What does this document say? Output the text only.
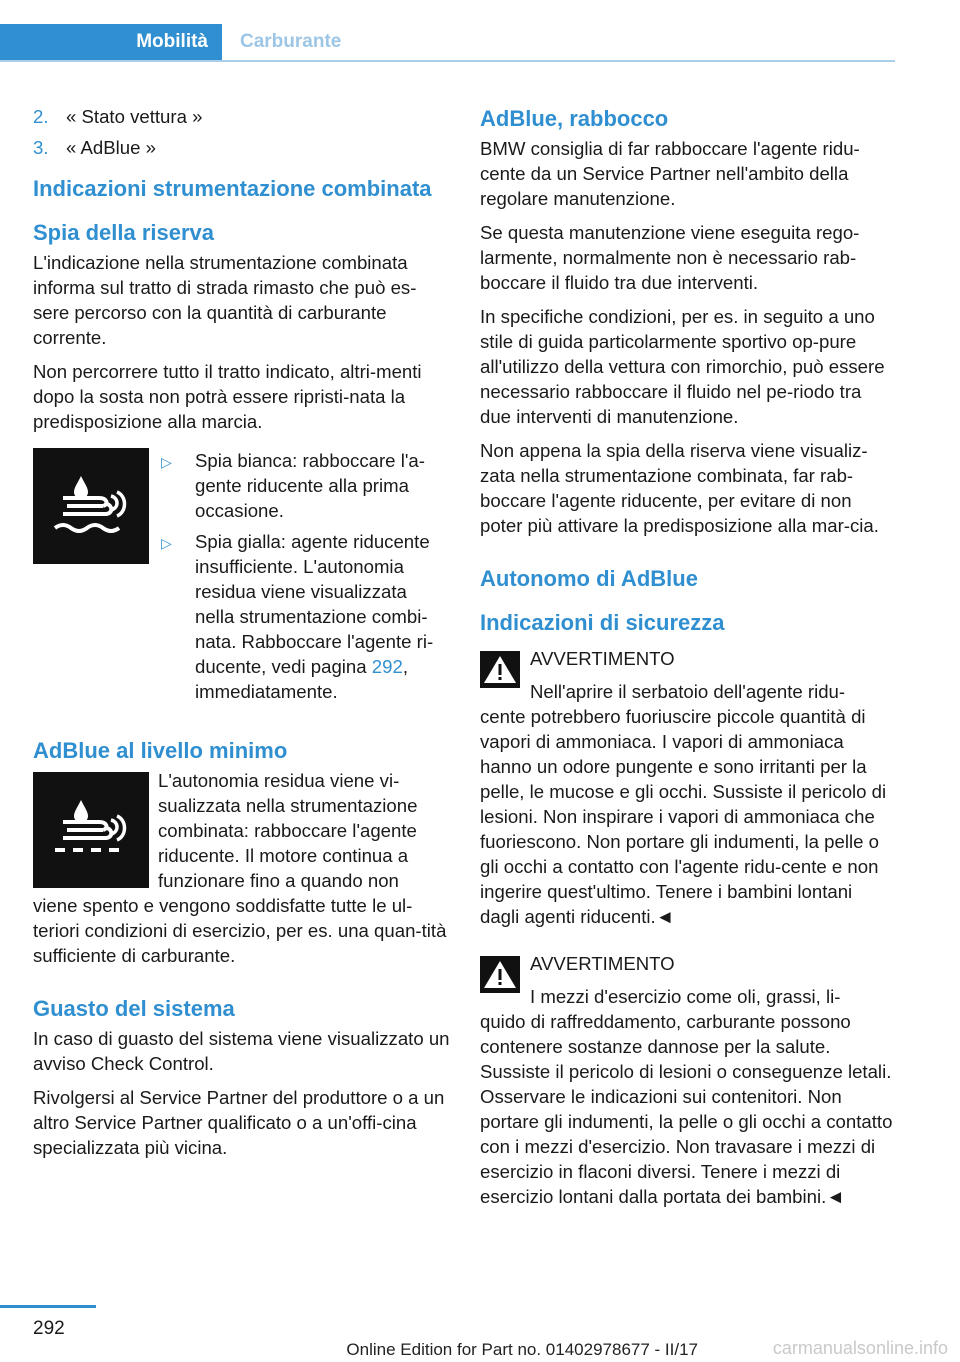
Mobilità Carburante
2. « Stato vettura »
3. « AdBlue »
Indicazioni strumentazione combinata
Spia della riserva

L'indicazione nella strumentazione combinata informa sul tratto di strada rimasto che può es-sere percorso con la quantità di carburante corrente.

Non percorrere tutto il tratto indicato, altri-menti dopo la sosta non potrà essere ripristi-nata la predisposizione alla marcia.

▷	Spia bianca: rabboccare l'a-gente riducente alla prima occasione.
▷	Spia gialla: agente riducente insufficiente. L'autonomia residua viene visualizzata nella strumentazione combi-nata. Rabboccare l'agente ri-ducente, vedi pagina 292, immediatamente.
AdBlue al livello minimo

L'autonomia residua viene vi-sualizzata nella strumentazione combinata: rabboccare l'agente riducente. Il motore continua a funzionare fino a quando non

viene spento e vengono soddisfatte tutte le ul-teriori condizioni di esercizio, per es. una quan-tità sufficiente di carburante.

Guasto del sistema

In caso di guasto del sistema viene visualizzato un avviso Check Control.

Rivolgersi al Service Partner del produttore o a un altro Service Partner qualificato o a un'offi-cina specializzata più vicina.

AdBlue, rabbocco

BMW consiglia di far rabboccare l'agente ridu-cente da un Service Partner nell'ambito della regolare manutenzione.

Se questa manutenzione viene eseguita rego-larmente, normalmente non è necessario rab-boccare il fluido tra due interventi.

In specifiche condizioni, per es. in seguito a uno stile di guida particolarmente sportivo op-pure all'utilizzo della vettura con rimorchio, può essere necessario rabboccare il fluido nel pe-riodo tra due interventi di manutenzione.

Non appena la spia della riserva viene visualiz-zata nella strumentazione combinata, far rab-boccare l'agente riducente, per evitare di non poter più attivare la predisposizione alla mar-cia.

Autonomo di AdBlue
Indicazioni di sicurezza
AVVERTIMENTO
Nell'aprire il serbatoio dell'agente ridu-

cente potrebbero fuoriuscire piccole quantità di vapori di ammoniaca. I vapori di ammoniaca hanno un odore pungente e sono irritanti per la pelle, le mucose e gli occhi. Sussiste il pericolo di lesioni. Non inspirare i vapori di ammoniaca che fuoriescono. Non portare gli indumenti, la pelle o gli occhi a contatto con l'agente ridu-cente e non ingerire quest'ultimo. Tenere i bambini lontani dagli agenti riducenti.◄

AVVERTIMENTO
I mezzi d'esercizio come oli, grassi, li-

quido di raffreddamento, carburante possono contenere sostanze dannose per la salute. Sussiste il pericolo di lesioni o conseguenze letali. Osservare le indicazioni sui contenitori. Non portare gli indumenti, la pelle o gli occhi a contatto con i mezzi d'esercizio. Non travasare i mezzi di esercizio in flaconi diversi. Tenere i mezzi di esercizio lontani dalla portata dei bambini.◄

292
Online Edition for Part no. 01402978677 - II/17	carmanualsonline.info
